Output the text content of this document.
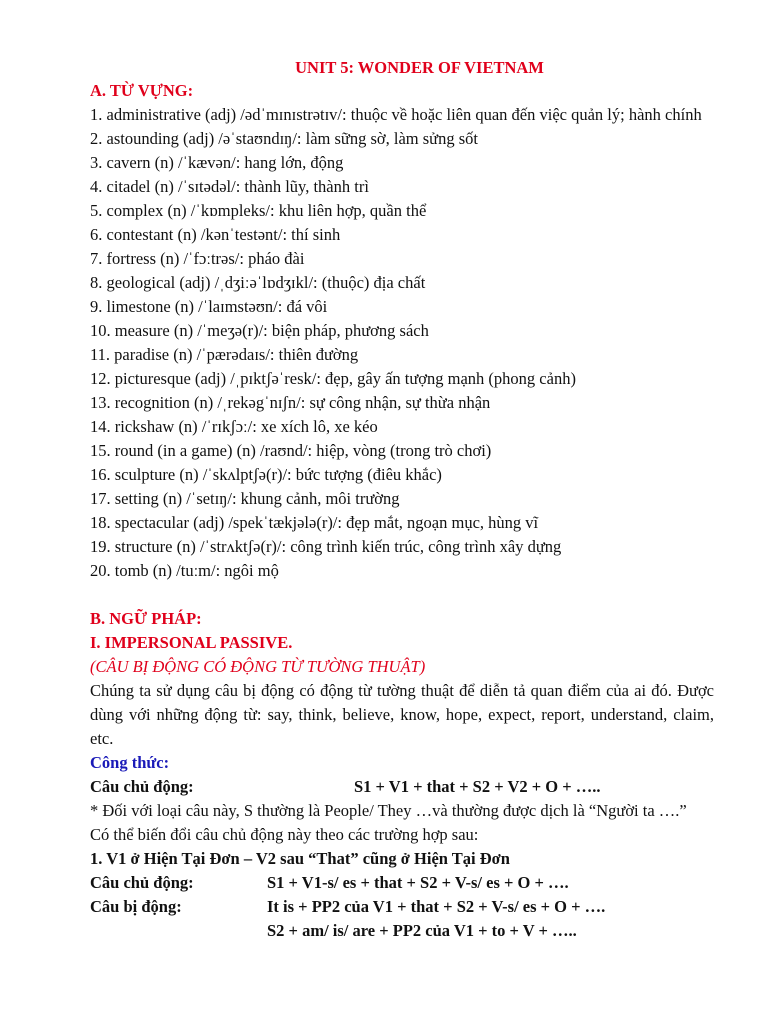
UNIT 5: WONDER OF VIETNAM
A. TỪ VỰNG:
1. administrative (adj) /ədˈmɪnɪstrətɪv/: thuộc về hoặc liên quan đến việc quản lý; hành chính
2. astounding (adj) /əˈstaʊndɪŋ/: làm sững sờ, làm sửng sốt
3. cavern (n) /ˈkævən/: hang lớn, động
4. citadel (n) /ˈsɪtədəl/: thành lũy, thành trì
5. complex (n) /ˈkɒmpleks/: khu liên hợp, quần thể
6. contestant (n) /kənˈtestənt/: thí sinh
7. fortress (n) /ˈfɔːtrəs/: pháo đài
8. geological (adj) /ˌdʒiːəˈlɒdʒɪkl/: (thuộc) địa chất
9. limestone (n) /ˈlaɪmstəʊn/: đá vôi
10. measure (n) /ˈmeʒə(r)/: biện pháp, phương sách
11. paradise (n) /ˈpærədaɪs/: thiên đường
12. picturesque (adj) /ˌpɪktʃəˈresk/: đẹp, gây ấn tượng mạnh (phong cảnh)
13. recognition (n) /ˌrekəgˈnɪʃn/: sự công nhận, sự thừa nhận
14. rickshaw (n) /ˈrɪkʃɔː/: xe xích lô, xe kéo
15. round (in a game) (n) /raʊnd/: hiệp, vòng (trong trò chơi)
16. sculpture (n) /ˈskʌlptʃə(r)/: bức tượng (điêu khắc)
17. setting (n) /ˈsetɪŋ/: khung cảnh, môi trường
18. spectacular (adj) /spekˈtækjələ(r)/: đẹp mắt, ngoạn mục, hùng vĩ
19. structure (n) /ˈstrʌktʃə(r)/: công trình kiến trúc, công trình xây dựng
20. tomb (n) /tuːm/: ngôi mộ
B. NGỮ PHÁP:
I. IMPERSONAL PASSIVE.
(CÂU BỊ ĐỘNG CÓ ĐỘNG TỪ TƯỜNG THUẬT)
Chúng ta sử dụng câu bị động có động từ tường thuật để diễn tả quan điểm của ai đó. Được dùng với những động từ: say, think, believe, know, hope, expect, report, understand, claim, etc.
Công thức:
Câu chủ động:	S1 + V1 + that + S2 + V2 + O + …..
* Đối với loại câu này, S thường là People/ They …và thường được dịch là “Người ta ….”
Có thể biến đổi câu chủ động này theo các trường hợp sau:
1. V1 ở Hiện Tại Đơn – V2 sau “That” cũng ở Hiện Tại Đơn
Câu chủ động:	S1 + V1-s/ es + that + S2 + V-s/ es + O + ….
Câu bị động:	It is + PP2 của V1 + that + S2 + V-s/ es + O + ….
S2 + am/ is/ are + PP2 của V1 + to + V + …..
